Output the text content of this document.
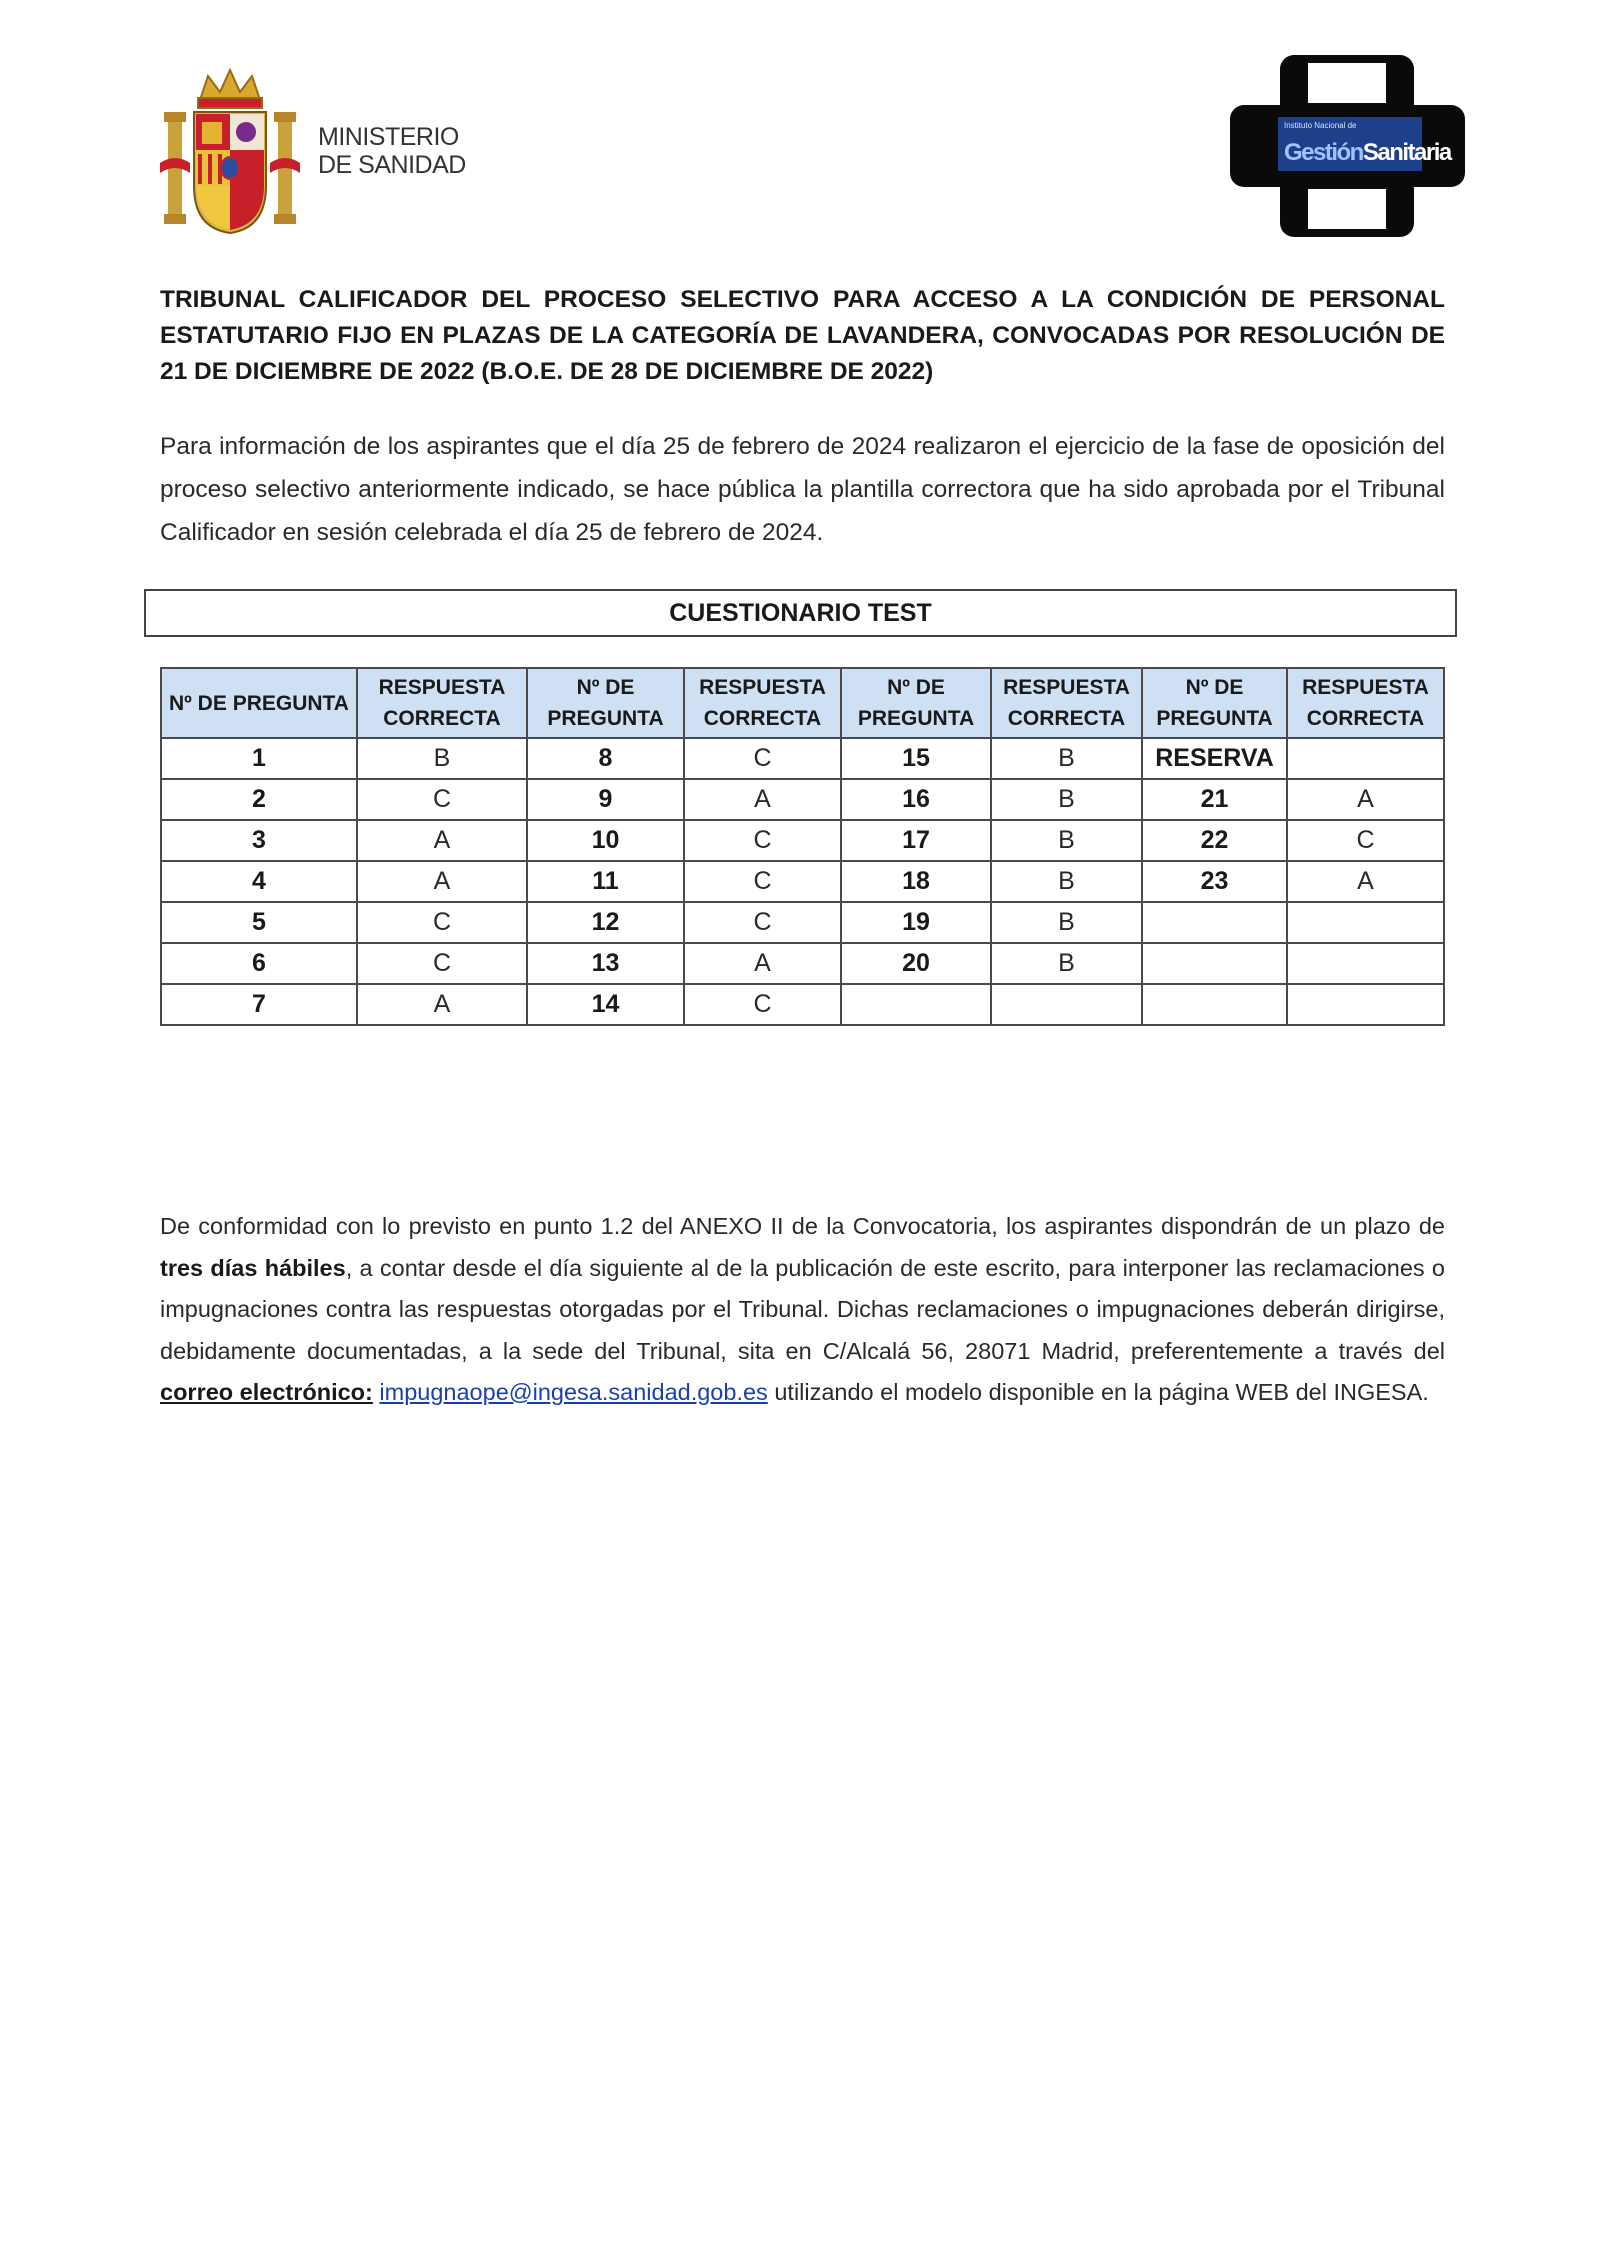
MINISTERIO
DE SANIDAD
Instituto Nacional de
GestiónSanitaria
TRIBUNAL CALIFICADOR DEL PROCESO SELECTIVO PARA ACCESO A LA CONDICIÓN DE PERSONAL ESTATUTARIO FIJO EN PLAZAS DE LA CATEGORÍA DE LAVANDERA, CONVOCADAS POR RESOLUCIÓN DE 21 DE DICIEMBRE DE 2022 (B.O.E. DE 28 DE DICIEMBRE DE 2022)
Para información de los aspirantes que el día 25 de febrero de 2024 realizaron el ejercicio de la fase de oposición del proceso selectivo anteriormente indicado, se hace pública la plantilla correctora que ha sido aprobada por el Tribunal Calificador en sesión celebrada el día 25 de febrero de 2024.
CUESTIONARIO TEST
Nº DE PREGUNTA	RESPUESTA CORRECTA	Nº DE PREGUNTA	RESPUESTA CORRECTA	Nº DE PREGUNTA	RESPUESTA CORRECTA	Nº DE PREGUNTA	RESPUESTA CORRECTA
1	B	8	C	15	B	RESERVA	
2	C	9	A	16	B	21	A
3	A	10	C	17	B	22	C
4	A	11	C	18	B	23	A
5	C	12	C	19	B		
6	C	13	A	20	B		
7	A	14	C				
De conformidad con lo previsto en punto 1.2 del ANEXO II de la Convocatoria, los aspirantes dispondrán de un plazo de tres días hábiles, a contar desde el día siguiente al de la publicación de este escrito, para interponer las reclamaciones o impugnaciones contra las respuestas otorgadas por el Tribunal. Dichas reclamaciones o impugnaciones deberán dirigirse, debidamente documentadas, a la sede del Tribunal, sita en C/Alcalá 56, 28071 Madrid, preferentemente a través del correo electrónico: impugnaope@ingesa.sanidad.gob.es utilizando el modelo disponible en la página WEB del INGESA.
